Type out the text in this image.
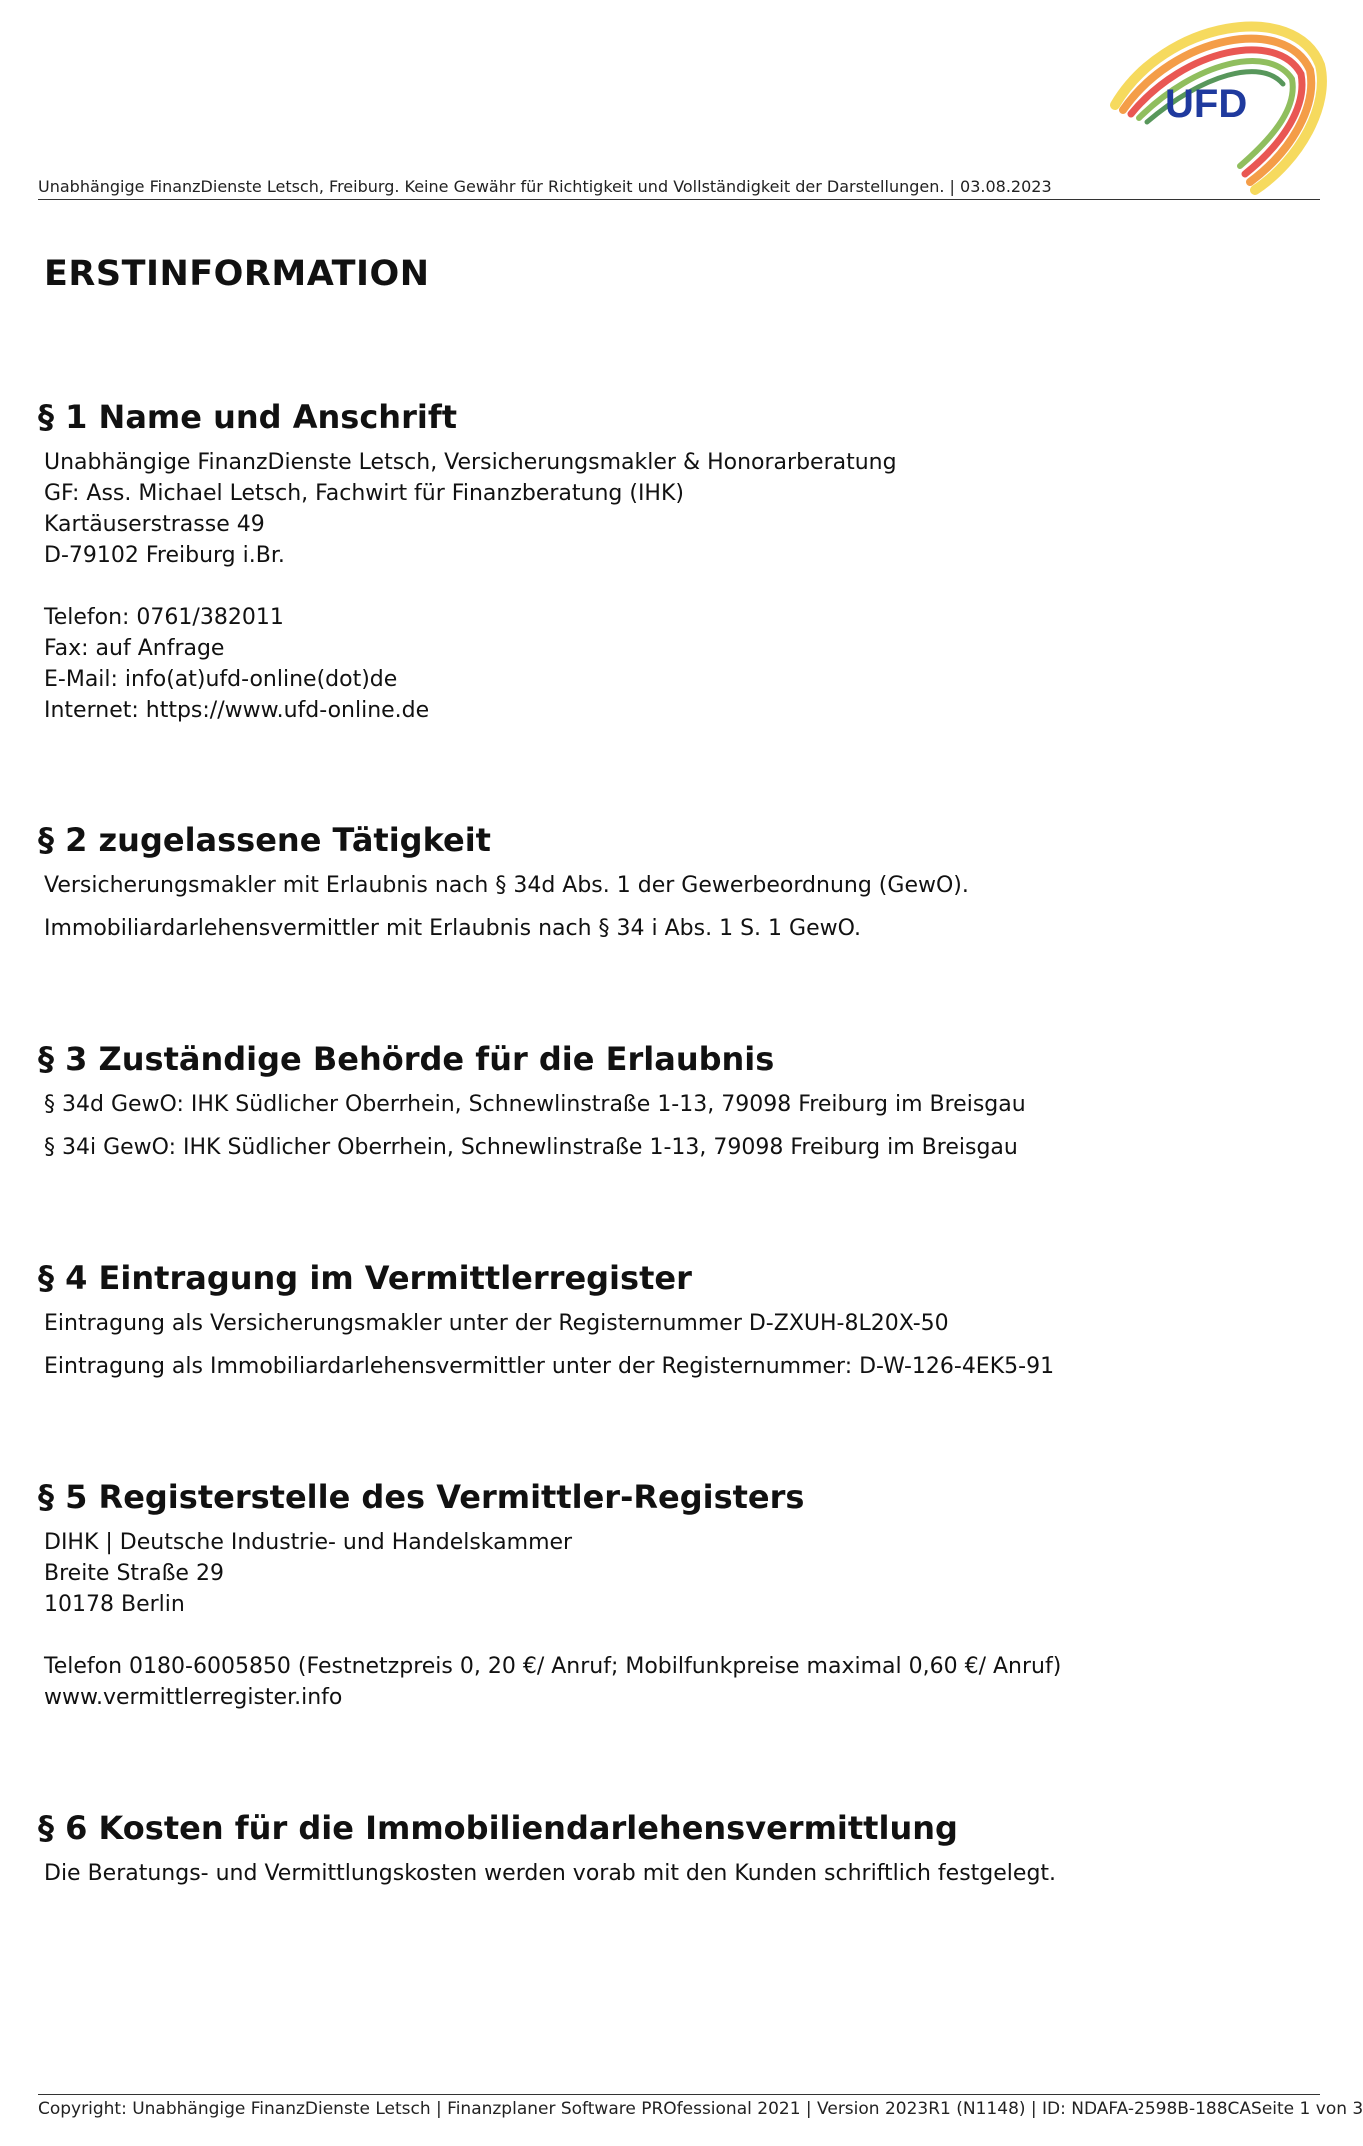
UFD
Unabhängige FinanzDienste Letsch, Freiburg. Keine Gewähr für Richtigkeit und Vollständigkeit der Darstellungen. | 03.08.2023
ERSTINFORMATION
§ 1 Name und Anschrift
Unabhängige FinanzDienste Letsch, Versicherungsmakler & Honorarberatung
GF: Ass. Michael Letsch, Fachwirt für Finanzberatung (IHK)
Kartäuserstrasse 49
D-79102 Freiburg i.Br.
Telefon: 0761/382011
Fax: auf Anfrage
E-Mail: info(at)ufd-online(dot)de
Internet: https://www.ufd-online.de
§ 2 zugelassene Tätigkeit
Versicherungsmakler mit Erlaubnis nach § 34d Abs. 1 der Gewerbeordnung (GewO).
Immobiliardarlehensvermittler mit Erlaubnis nach § 34 i Abs. 1 S. 1 GewO.
§ 3 Zuständige Behörde für die Erlaubnis
§ 34d GewO: IHK Südlicher Oberrhein, Schnewlinstraße 1-13, 79098 Freiburg im Breisgau
§ 34i GewO: IHK Südlicher Oberrhein, Schnewlinstraße 1-13, 79098 Freiburg im Breisgau
§ 4 Eintragung im Vermittlerregister
Eintragung als Versicherungsmakler unter der Registernummer D-ZXUH-8L20X-50
Eintragung als Immobiliardarlehensvermittler unter der Registernummer: D-W-126-4EK5-91
§ 5 Registerstelle des Vermittler-Registers
DIHK | Deutsche Industrie- und Handelskammer
Breite Straße 29
10178 Berlin
Telefon 0180-6005850 (Festnetzpreis 0, 20 €/ Anruf; Mobilfunkpreise maximal 0,60 €/ Anruf)
www.vermittlerregister.info
§ 6 Kosten für die Immobiliendarlehensvermittlung
Die Beratungs- und Vermittlungskosten werden vorab mit den Kunden schriftlich festgelegt.
Copyright: Unabhängige FinanzDienste Letsch | Finanzplaner Software PROfessional 2021 | Version 2023R1 (N1148) | ID: NDAFA-2598B-188CA Seite 1 von 3
